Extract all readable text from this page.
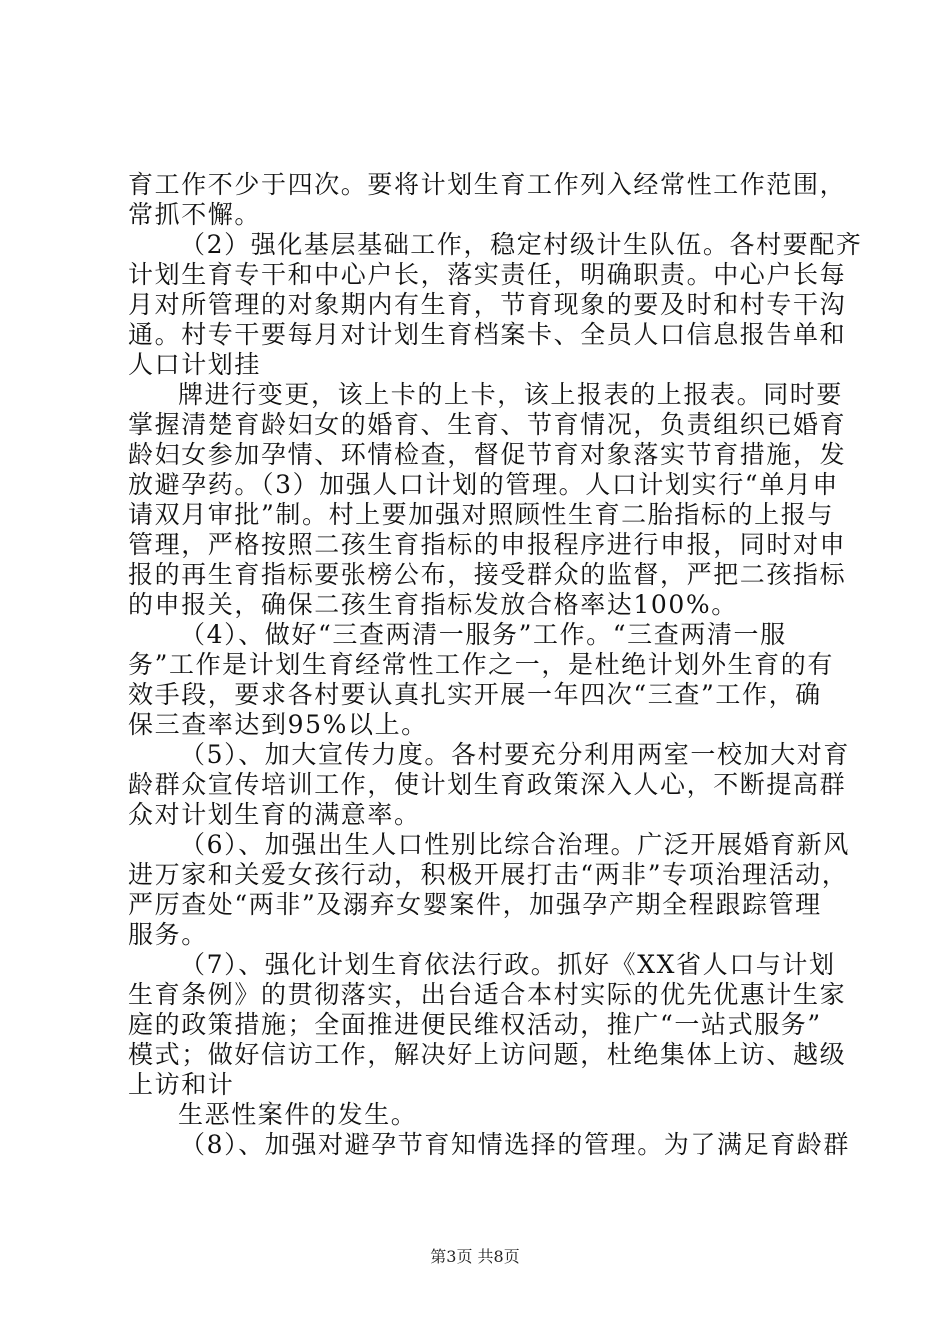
育工作不少于四次。要将计划生育工作列入经常性工作范围，
常抓不懈。
（2）强化基层基础工作，稳定村级计生队伍。各村要配齐
计划生育专干和中心户长，落实责任，明确职责。中心户长每
月对所管理的对象期内有生育，节育现象的要及时和村专干沟
通。村专干要每月对计划生育档案卡、全员人口信息报告单和
人口计划挂
牌进行变更，该上卡的上卡，该上报表的上报表。同时要
掌握清楚育龄妇女的婚育、生育、节育情况，负责组织已婚育
龄妇女参加孕情、环情检查，督促节育对象落实节育措施，发
放避孕药。（3）加强人口计划的管理。人口计划实行“单月申
请双月审批”制。村上要加强对照顾性生育二胎指标的上报与
管理，严格按照二孩生育指标的申报程序进行申报，同时对申
报的再生育指标要张榜公布，接受群众的监督，严把二孩指标
的申报关，确保二孩生育指标发放合格率达100%。
（4）、做好“三查两清一服务”工作。“三查两清一服
务”工作是计划生育经常性工作之一，是杜绝计划外生育的有
效手段，要求各村要认真扎实开展一年四次“三查”工作，确
保三查率达到95%以上。
（5）、加大宣传力度。各村要充分利用两室一校加大对育
龄群众宣传培训工作，使计划生育政策深入人心，不断提高群
众对计划生育的满意率。
（6）、加强出生人口性别比综合治理。广泛开展婚育新风
进万家和关爱女孩行动，积极开展打击“两非”专项治理活动，
严厉查处“两非”及溺弃女婴案件，加强孕产期全程跟踪管理
服务。
（7）、强化计划生育依法行政。抓好《XX省人口与计划
生育条例》的贯彻落实，出台适合本村实际的优先优惠计生家
庭的政策措施；全面推进便民维权活动，推广“一站式服务”
模式；做好信访工作，解决好上访问题，杜绝集体上访、越级
上访和计
生恶性案件的发生。
（8）、加强对避孕节育知情选择的管理。为了满足育龄群
第3页 共8页
